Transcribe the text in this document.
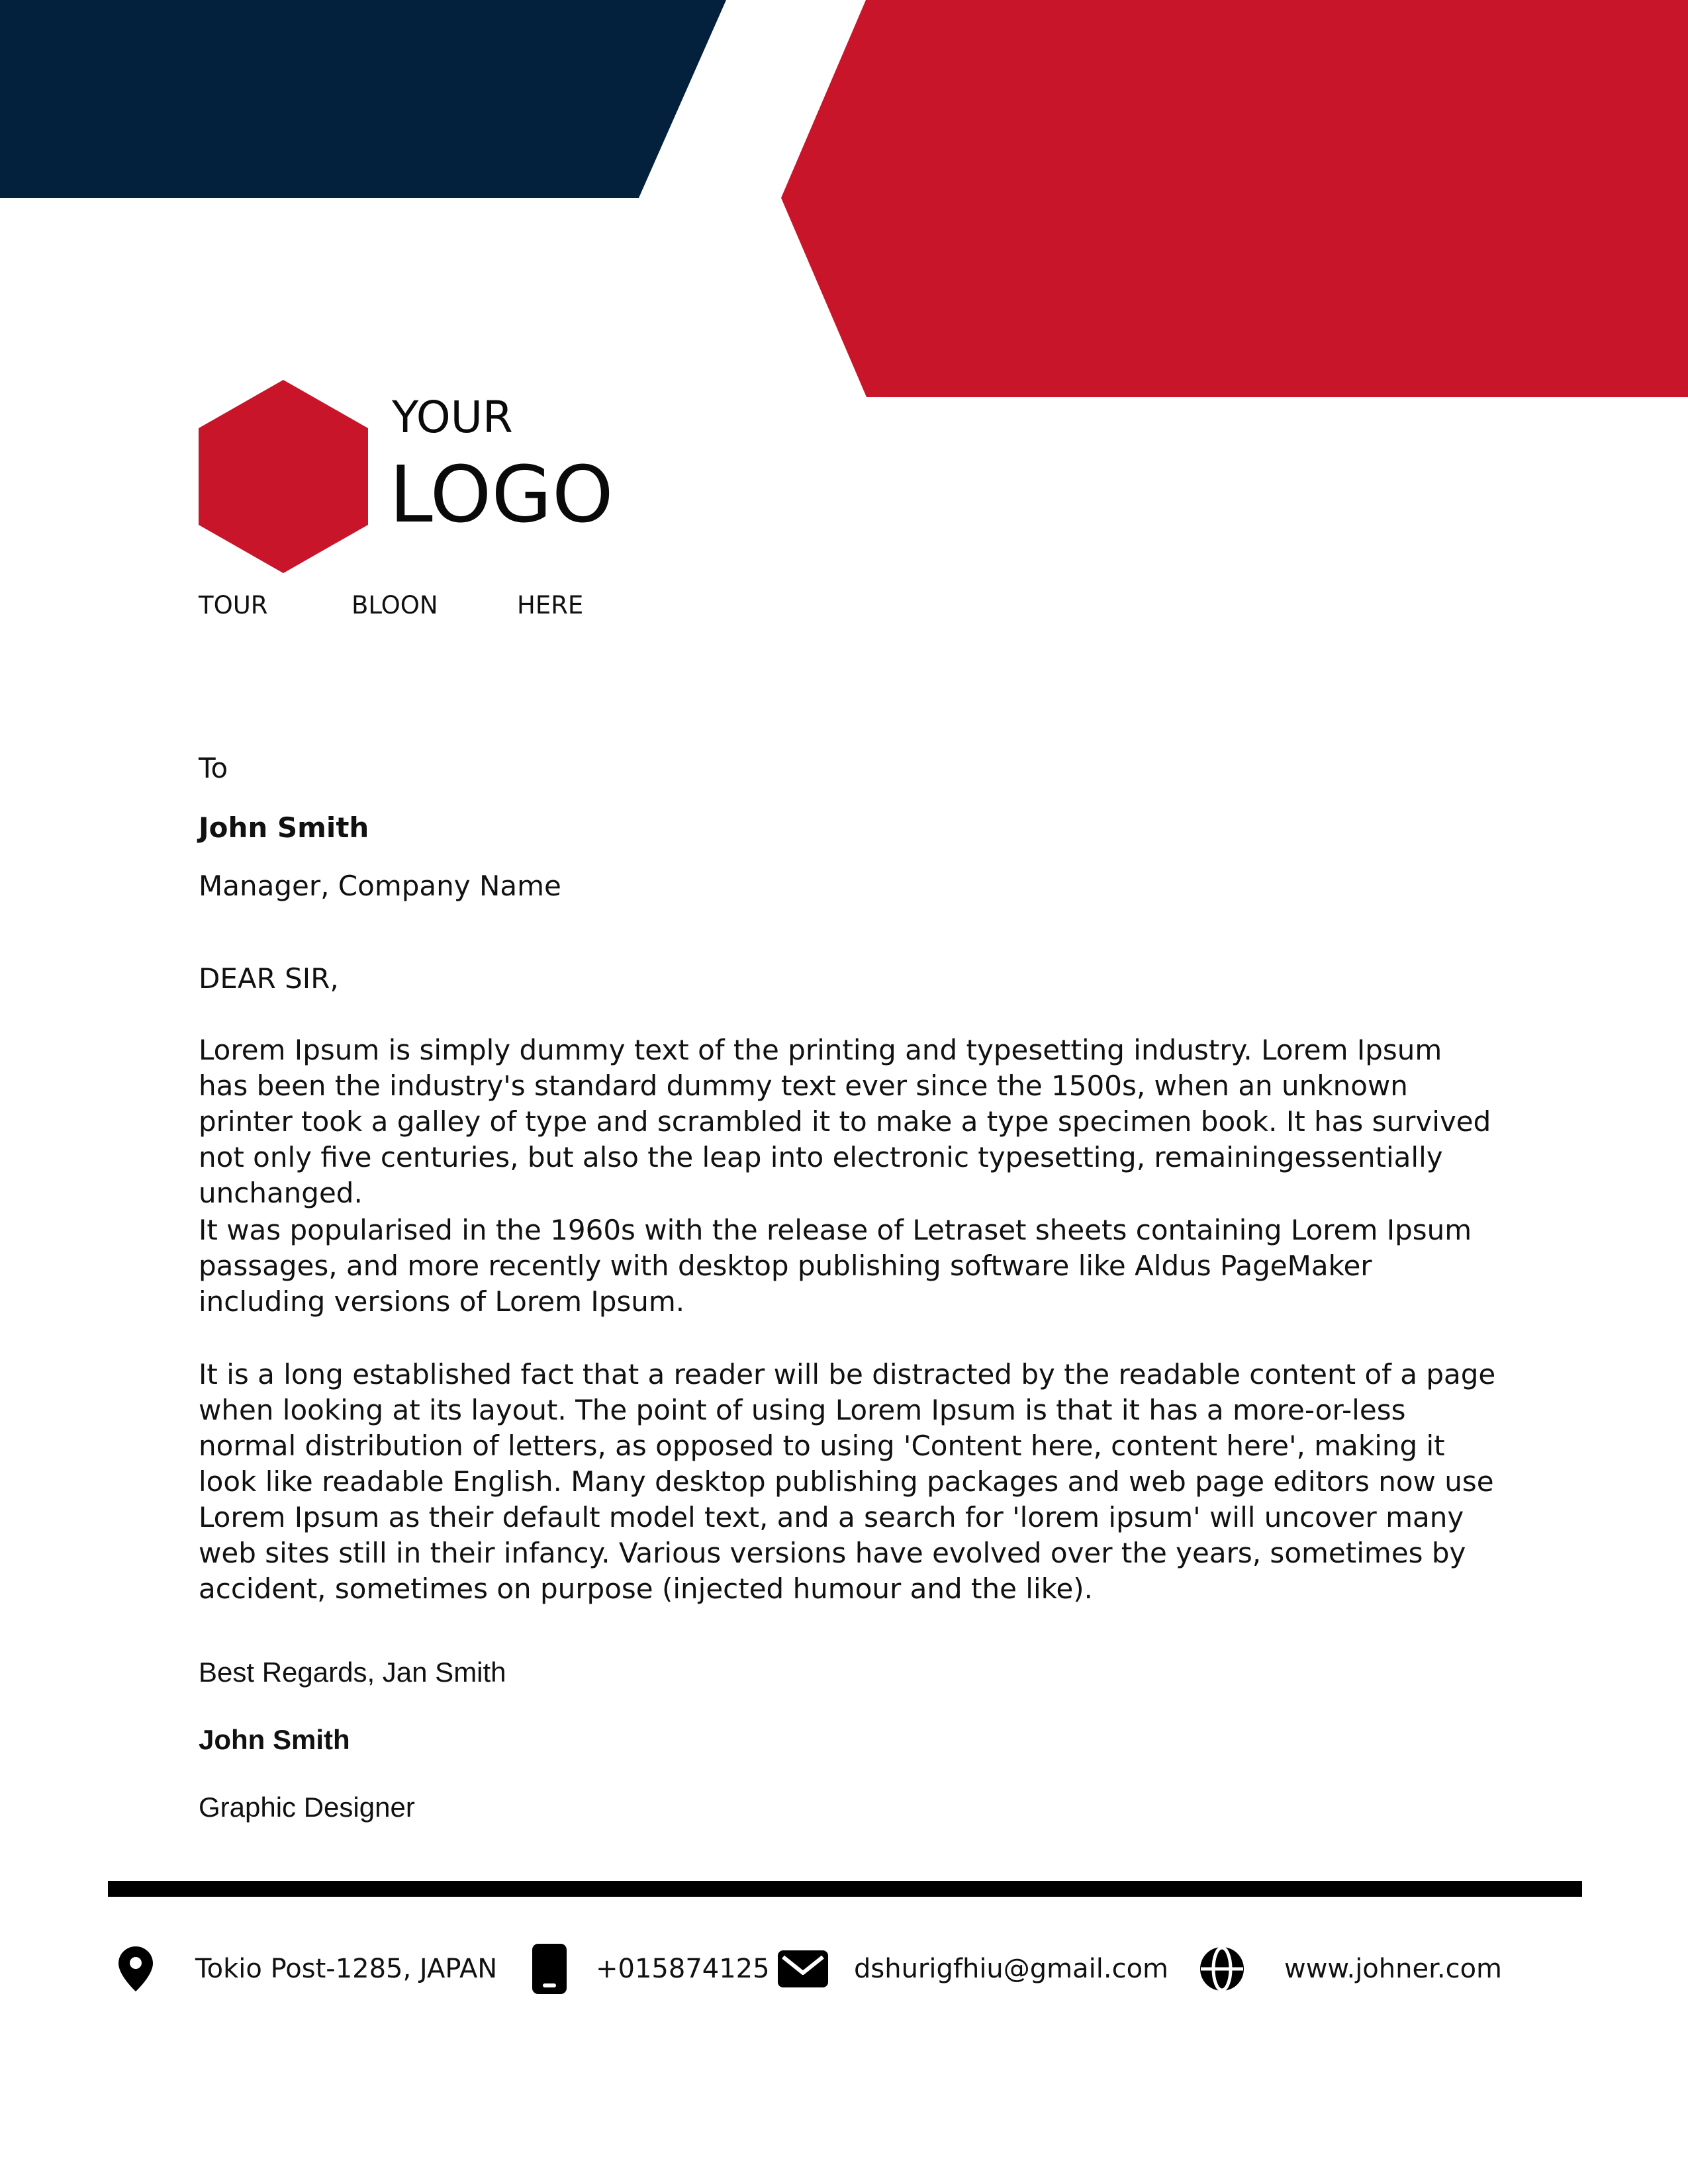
YOUR
LOGO
TOUR	BLOON	HERE
To
John Smith
Manager, Company Name
DEAR SIR,

Lorem Ipsum is simply dummy text of the printing and typesetting industry. Lorem Ipsum has been the industry's standard dummy text ever since the 1500s, when an unknown printer took a galley of type and scrambled it to make a type specimen book. It has survived not only five centuries, but also the leap into electronic typesetting, remainingessentially unchanged.

It was popularised in the 1960s with the release of Letraset sheets containing Lorem Ipsum passages, and more recently with desktop publishing software like Aldus PageMaker including versions of Lorem Ipsum.

It is a long established fact that a reader will be distracted by the readable content of a page when looking at its layout. The point of using Lorem Ipsum is that it has a more-or-less normal distribution of letters, as opposed to using 'Content here, content here', making it look like readable English. Many desktop publishing packages and web page editors now use Lorem Ipsum as their default model text, and a search for 'lorem ipsum' will uncover many web sites still in their infancy. Various versions have evolved over the years, sometimes by accident, sometimes on purpose (injected humour and the like).

Best Regards, Jan Smith
John Smith
Graphic Designer
Tokio Post-1285, JAPAN	+015874125	dshurigfhiu@gmail.com	www.johner.com
